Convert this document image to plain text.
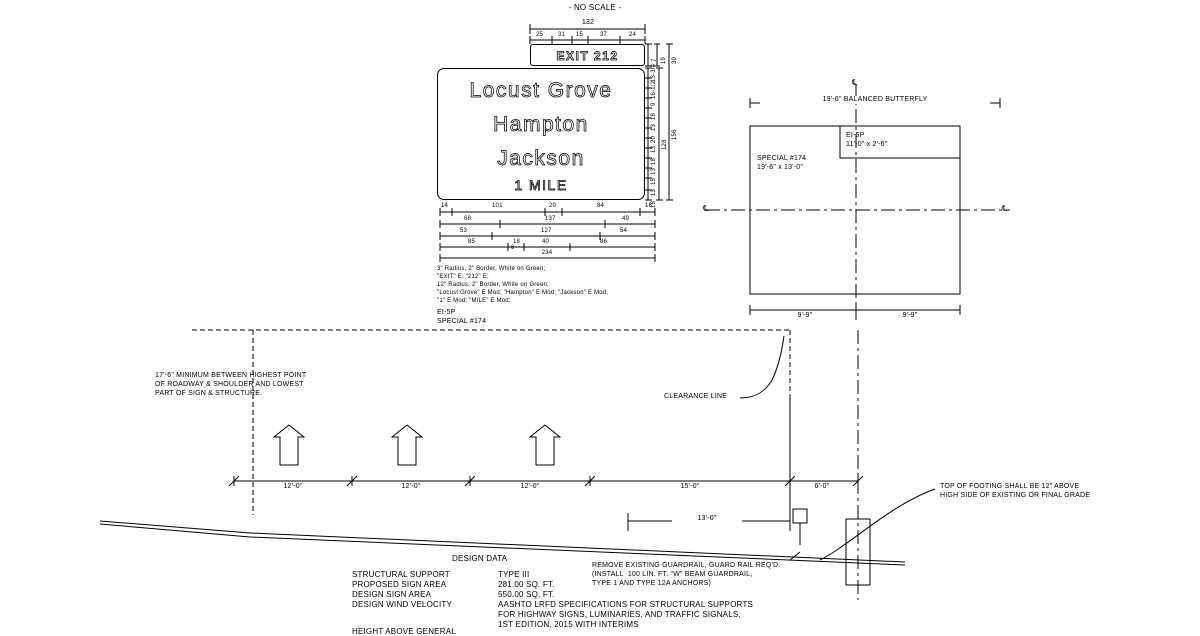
- NO SCALE -
EXIT 212
Locust Grove
Hampton
Jackson
1 MILE
132
25 31 15	37	24
7 19 30
13-3/4
16-1/2
9
18
13
20
13
18
13
15
13
18
128
156
14	101	20	84	18
68	137	49
53	127	54
85	18	40	86
234
6
3" Radius, 2" Border, White on Green;
"EXIT" E; "212" E;
12" Radius, 2" Border, White on Green;
"Locust Grove" E Mod; "Hampton" E Mod; "Jackson" E Mod;
"1" E Mod; "MILE" E Mod;
EI-5P
SPECIAL #174
19'-6" BALANCED BUTTERFLY
EI-5P
11'-0" x 2'-6"
SPECIAL #174
19'-6" x 13'-0"
9'-9"	9'-9"
℄
℄	℄
17'-6" MINIMUM BETWEEN HIGHEST POINT
OF ROADWAY & SHOULDER AND LOWEST
PART OF SIGN & STRUCTURE.	CLEARANCE LINE
12'-0"	12'-0"	12'-0"	15'-0"	6'-0"
13'-0"
TOP OF FOOTING SHALL BE 12" ABOVE
HIGH SIDE OF EXISTING OR FINAL GRADE
REMOVE EXISTING GUARDRAIL, GUARD RAIL REQ'D.
(INSTALL  100 LIN. FT. "W" BEAM GUARDRAIL,
TYPE 1 AND TYPE 12A ANCHORS)
DESIGN DATA
STRUCTURAL SUPPORT	TYPE III
PROPOSED SIGN AREA	281.00 SQ. FT.
DESIGN SIGN AREA	550.00 SQ. FT.
DESIGN WIND VELOCITY	AASHTO LRFD SPECIFICATIONS FOR STRUCTURAL SUPPORTS
FOR HIGHWAY SIGNS, LUMINARIES, AND TRAFFIC SIGNALS,
1ST EDITION, 2015 WITH INTERIMS
HEIGHT ABOVE GENERAL
